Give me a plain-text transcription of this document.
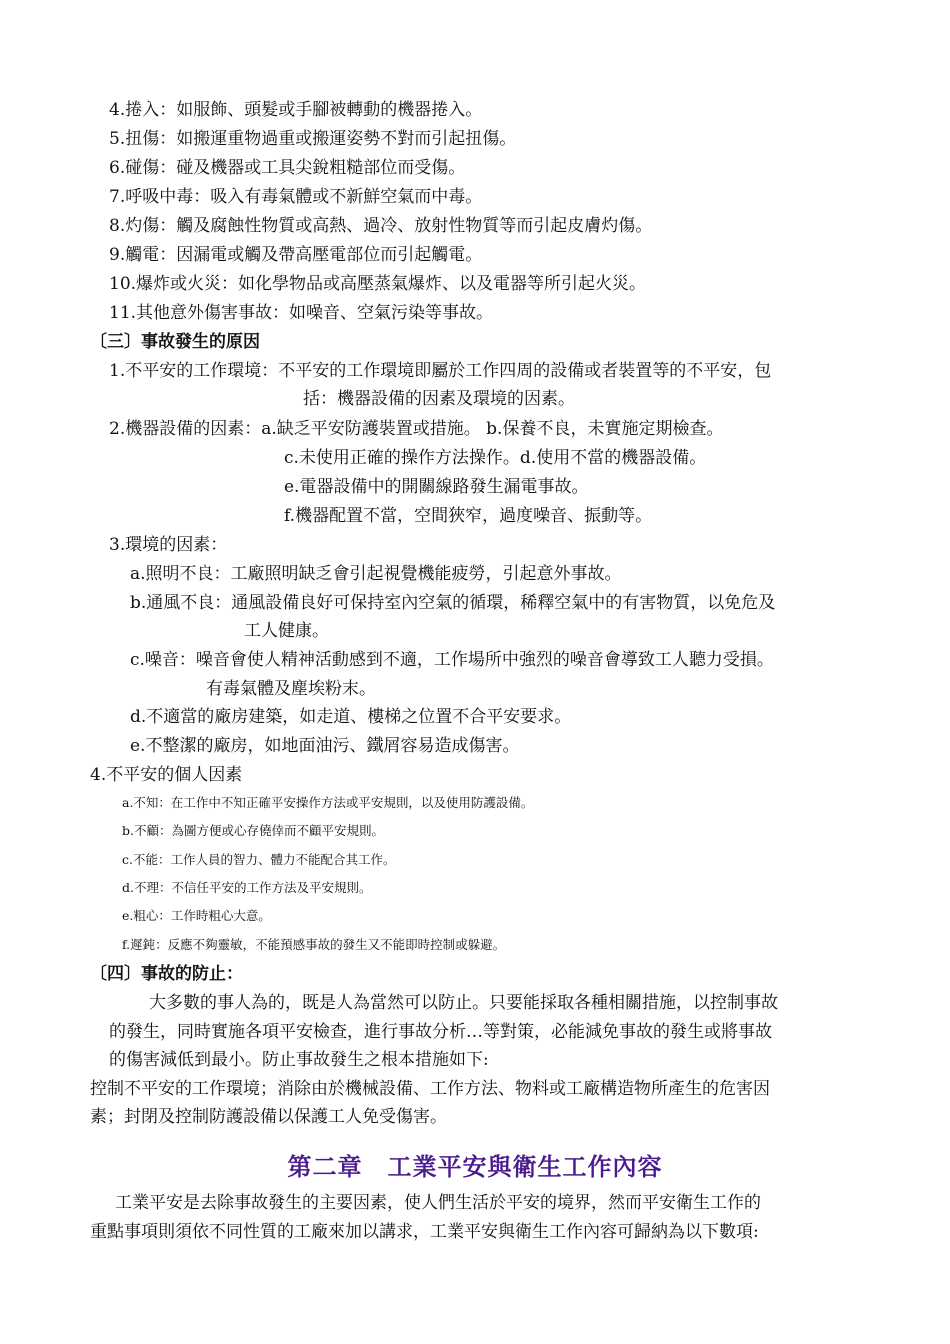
4.捲入：如服飾、頭髮或手腳被轉動的機器捲入。
5.扭傷：如搬運重物過重或搬運姿勢不對而引起扭傷。
6.碰傷：碰及機器或工具尖銳粗糙部位而受傷。
7.呼吸中毒：吸入有毒氣體或不新鮮空氣而中毒。
8.灼傷：觸及腐蝕性物質或高熱、過冷、放射性物質等而引起皮膚灼傷。
9.觸電：因漏電或觸及帶高壓電部位而引起觸電。
10.爆炸或火災：如化學物品或高壓蒸氣爆炸、以及電器等所引起火災。
11.其他意外傷害事故：如噪音、空氣污染等事故。
〔三〕事故發生的原因
1.不平安的工作環境：不平安的工作環境即屬於工作四周的設備或者裝置等的不平安，包
括：機器設備的因素及環境的因素。
2.機器設備的因素：a.缺乏平安防護裝置或措施。 b.保養不良，未實施定期檢查。
c.未使用正確的操作方法操作。d.使用不當的機器設備。
e.電器設備中的開關線路發生漏電事故。
f.機器配置不當，空間狹窄，過度噪音、振動等。
3.環境的因素：
a.照明不良：工廠照明缺乏會引起視覺機能疲勞，引起意外事故。
b.通風不良：通風設備良好可保持室內空氣的循環，稀釋空氣中的有害物質，以免危及
工人健康。
c.噪音：噪音會使人精神活動感到不適，工作場所中強烈的噪音會導致工人聽力受損。
有毒氣體及塵埃粉末。
d.不適當的廠房建築，如走道、樓梯之位置不合平安要求。
e.不整潔的廠房，如地面油污、鐵屑容易造成傷害。
4.不平安的個人因素
a.不知：在工作中不知正確平安操作方法或平安規則，以及使用防護設備。
b.不顧：為圖方便或心存僥倖而不顧平安規則。
c.不能：工作人員的智力、體力不能配合其工作。
d.不理：不信任平安的工作方法及平安規則。
e.粗心：工作時粗心大意。
f.遲鈍：反應不夠靈敏，不能預感事故的發生又不能即時控制或躲避。
〔四〕事故的防止：
大多數的事人為的，既是人為當然可以防止。只要能採取各種相關措施，以控制事故
的發生，同時實施各項平安檢查，進行事故分析…等對策，必能減免事故的發生或將事故
的傷害減低到最小。防止事故發生之根本措施如下:
控制不平安的工作環境；消除由於機械設備、工作方法、物料或工廠構造物所產生的危害因
素；封閉及控制防護設備以保護工人免受傷害。
第二章　工業平安與衛生工作內容
工業平安是去除事故發生的主要因素，使人們生活於平安的境界，然而平安衛生工作的
重點事項則須依不同性質的工廠來加以講求，工業平安與衛生工作內容可歸納為以下數項:
